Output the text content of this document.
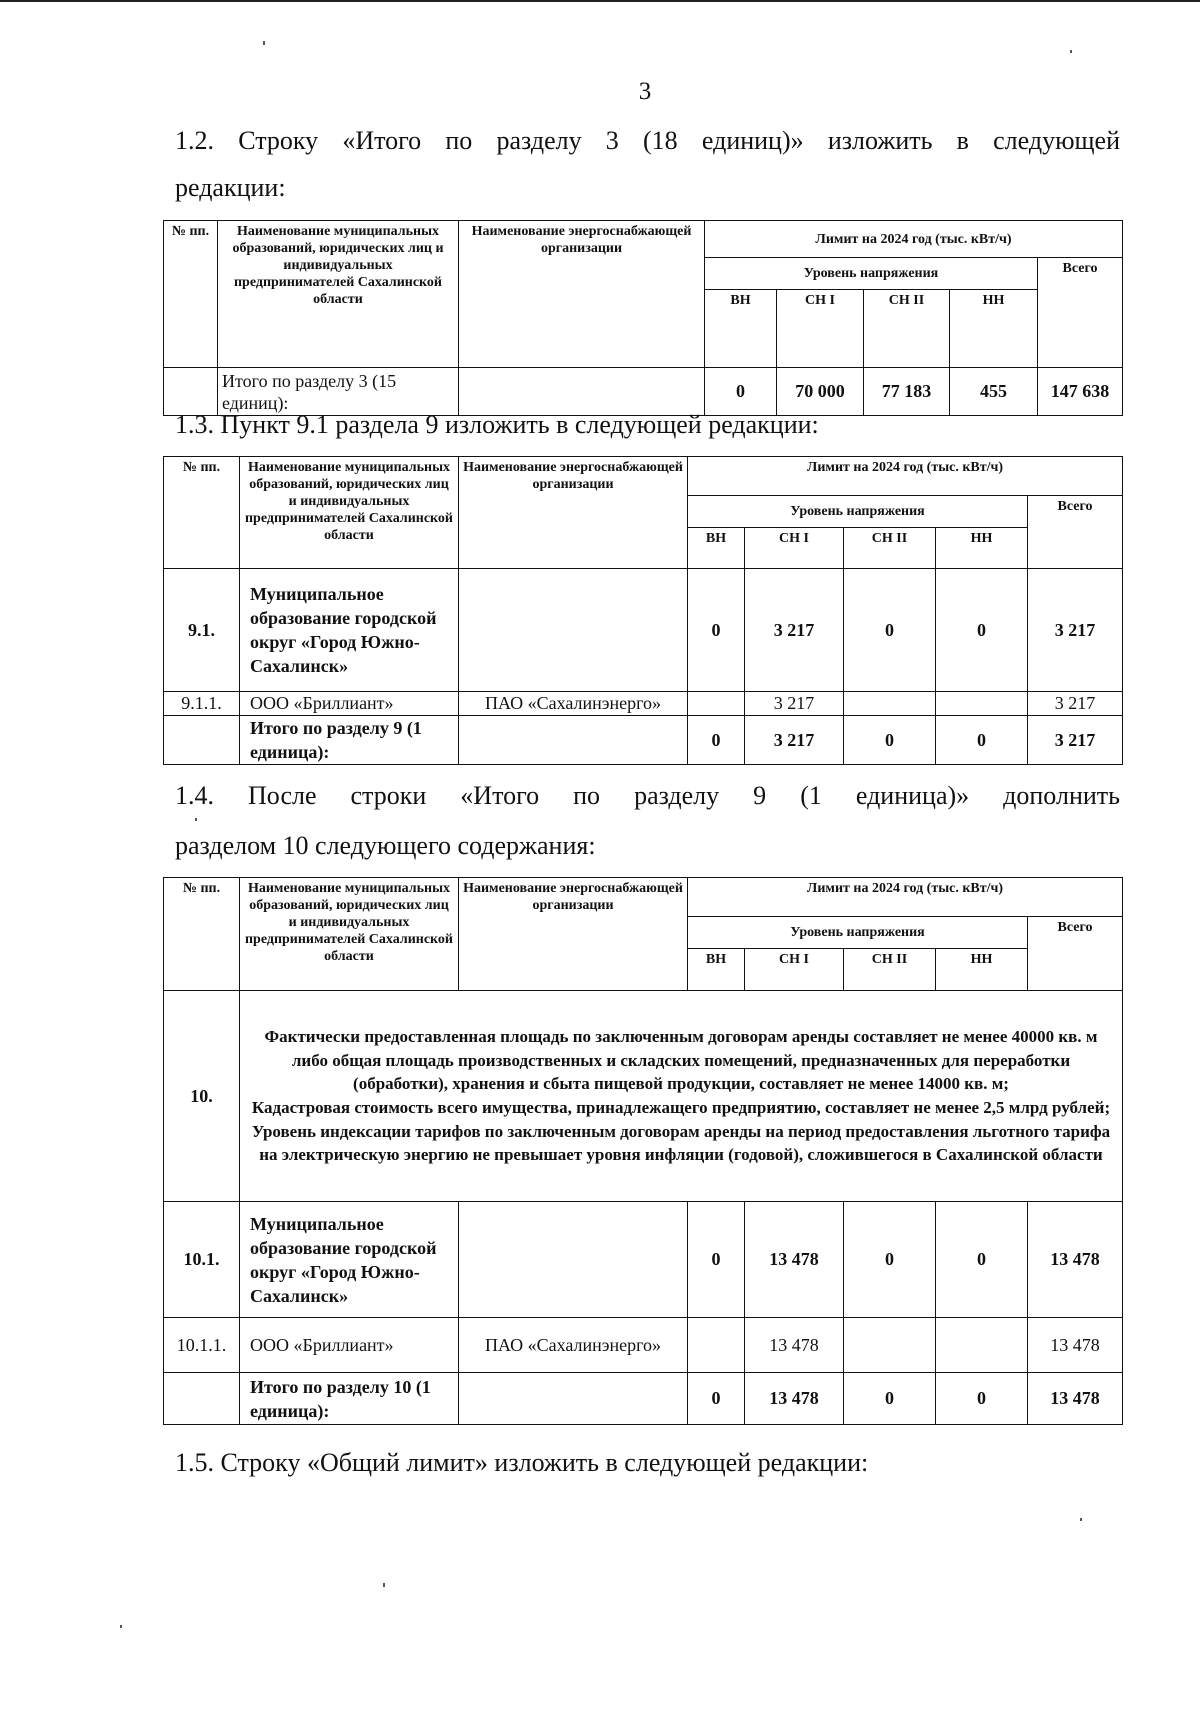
3
1.2. Строку «Итого по разделу 3 (18 единиц)» изложить в следующей
редакции:
№ пп.	Наименование муниципальных образований, юридических лиц и индивидуальных предпринимателей Сахалинской области	Наименование энергоснабжающей организации	Лимит на 2024 год (тыс. кВт/ч)				
			Уровень напряжения				Всего
			ВН	СН I	СН II	НН	
	Итого по разделу 3 (15 единиц):		0	70 000	77 183	455	147 638
1.3. Пункт 9.1 раздела 9 изложить в следующей редакции:
№ пп.	Наименование муниципальных образований, юридических лиц и индивидуальных предпринимателей Сахалинской области	Наименование энергоснабжающей организации	Лимит на 2024 год (тыс. кВт/ч)				
			Уровень напряжения				Всего
			ВН	СН I	СН II	НН	
9.1.	Муниципальное образование городской округ «Город Южно-Сахалинск»		0	3 217	0	0	3 217
9.1.1.	ООО «Бриллиант»	ПАО «Сахалинэнерго»		3 217			3 217
	Итого по разделу 9 (1 единица):		0	3 217	0	0	3 217
1.4. После строки «Итого по разделу 9 (1 единица)» дополнить
разделом 10 следующего содержания:
№ пп.	Наименование муниципальных образований, юридических лиц и индивидуальных предпринимателей Сахалинской области	Наименование энергоснабжающей организации	Лимит на 2024 год (тыс. кВт/ч)				
			Уровень напряжения				Всего
			ВН	СН I	СН II	НН	
10.	Фактически предоставленная площадь по заключенным договорам аренды составляет не менее 40000 кв. м либо общая площадь производственных и складских помещений, предназначенных для переработки (обработки), хранения и сбыта пищевой продукции, составляет не менее 14000 кв. м;
Кадастровая стоимость всего имущества, принадлежащего предприятию, составляет не менее 2,5 млрд рублей;
Уровень индексации тарифов по заключенным договорам аренды на период предоставления льготного тарифа на электрическую энергию не превышает уровня инфляции (годовой), сложившегося в Сахалинской области						

10.1.	Муниципальное образование городской округ «Город Южно-Сахалинск»		0	13 478	0	0	13 478
10.1.1.	ООО «Бриллиант»	ПАО «Сахалинэнерго»		13 478			13 478
	Итого по разделу 10 (1 единица):		0	13 478	0	0	13 478
1.5. Строку «Общий лимит» изложить в следующей редакции:
